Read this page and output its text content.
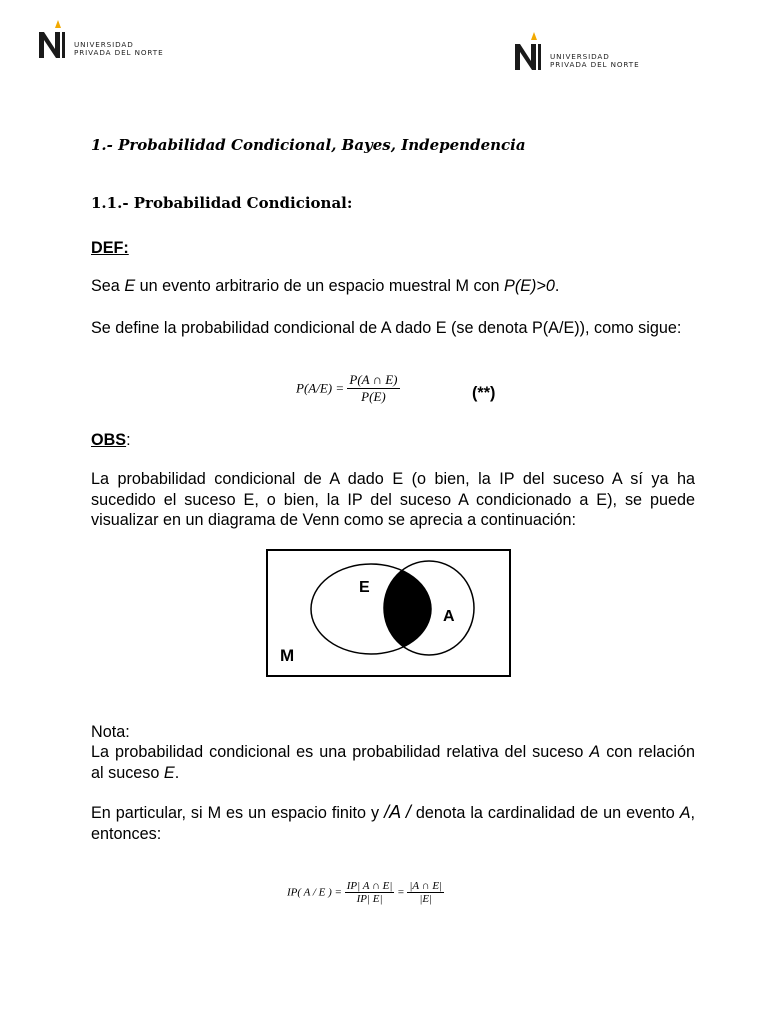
UNIVERSIDAD
PRIVADA DEL NORTE	UNIVERSIDAD
PRIVADA DEL NORTE
1.- Probabilidad Condicional, Bayes, Independencia
1.1.- Probabilidad Condicional:
DEF:
Sea E un evento arbitrario de un espacio muestral M con P(E)>0.
Se define la probabilidad condicional de A dado E (se denota P(A/E)), como sigue:
$P(A/E) = \frac{P(A \cap E)}{P(E)}$	(**)
OBS:
La probabilidad condicional de A dado E (o bien, la IP del suceso A sí ya ha sucedido el suceso E, o bien, la IP del suceso A condicionado a E), se puede visualizar en un diagrama de Venn como se aprecia a continuación:
E
A
M
Nota:
La probabilidad condicional es una probabilidad relativa del suceso A con relación al suceso E.
En particular, si M es un espacio finito y /A / denota la cardinalidad de un evento A, entonces:
IP( A / E ) = $\frac{IP| A \cap E|}{IP| E|} = \frac{|A \cap E|}{|E|}$
